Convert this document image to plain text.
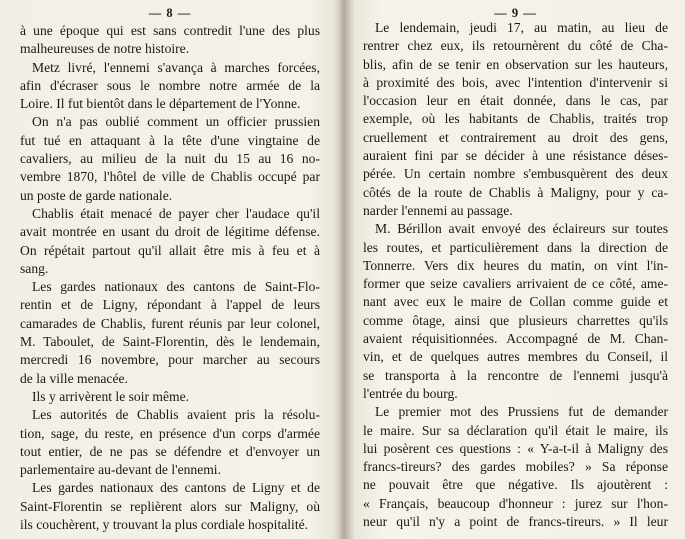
— 8 —
à une époque qui est sans contredit l'une des plus
malheureuses de notre histoire.
Metz livré, l'ennemi s'avança à marches forcées,
afin d'écraser sous le nombre notre armée de la
Loire. Il fut bientôt dans le département de l'Yonne.
On n'a pas oublié comment un officier prussien
fut tué en attaquant à la tête d'une vingtaine de
cavaliers, au milieu de la nuit du 15 au 16 no-
vembre 1870, l'hôtel de ville de Chablis occupé par
un poste de garde nationale.
Chablis était menacé de payer cher l'audace qu'il
avait montrée en usant du droit de légitime défense.
On répétait partout qu'il allait être mis à feu et à
sang.
Les gardes nationaux des cantons de Saint-Flo-
rentin et de Ligny, répondant à l'appel de leurs
camarades de Chablis, furent réunis par leur colonel,
M. Taboulet, de Saint-Florentin, dès le lendemain,
mercredi 16 novembre, pour marcher au secours
de la ville menacée.
Ils y arrivèrent le soir même.
Les autorités de Chablis avaient pris la résolu-
tion, sage, du reste, en présence d'un corps d'armée
tout entier, de ne pas se défendre et d'envoyer un
parlementaire au-devant de l'ennemi.
Les gardes nationaux des cantons de Ligny et de
Saint-Florentin se replièrent alors sur Maligny, où
ils couchèrent, y trouvant la plus cordiale hospitalité.
— 9 —
Le lendemain, jeudi 17, au matin, au lieu de
rentrer chez eux, ils retournèrent du côté de Cha-
blis, afin de se tenir en observation sur les hauteurs,
à proximité des bois, avec l'intention d'intervenir si
l'occasion leur en était donnée, dans le cas, par
exemple, où les habitants de Chablis, traités trop
cruellement et contrairement au droit des gens,
auraient fini par se décider à une résistance déses-
pérée. Un certain nombre s'embusquèrent des deux
côtés de la route de Chablis à Maligny, pour y ca-
narder l'ennemi au passage.
M. Bérillon avait envoyé des éclaireurs sur toutes
les routes, et particulièrement dans la direction de
Tonnerre. Vers dix heures du matin, on vint l'in-
former que seize cavaliers arrivaient de ce côté, ame-
nant avec eux le maire de Collan comme guide et
comme ôtage, ainsi que plusieurs charrettes qu'ils
avaient réquisitionnées. Accompagné de M. Chan-
vin, et de quelques autres membres du Conseil, il
se transporta à la rencontre de l'ennemi jusqu'à
l'entrée du bourg.
Le premier mot des Prussiens fut de demander
le maire. Sur sa déclaration qu'il était le maire, ils
lui posèrent ces questions : « Y-a-t-il à Maligny des
francs-tireurs? des gardes mobiles? » Sa réponse
ne pouvait être que négative. Ils ajoutèrent :
« Français, beaucoup d'honneur : jurez sur l'hon-
neur qu'il n'y a point de francs-tireurs. » Il leur
